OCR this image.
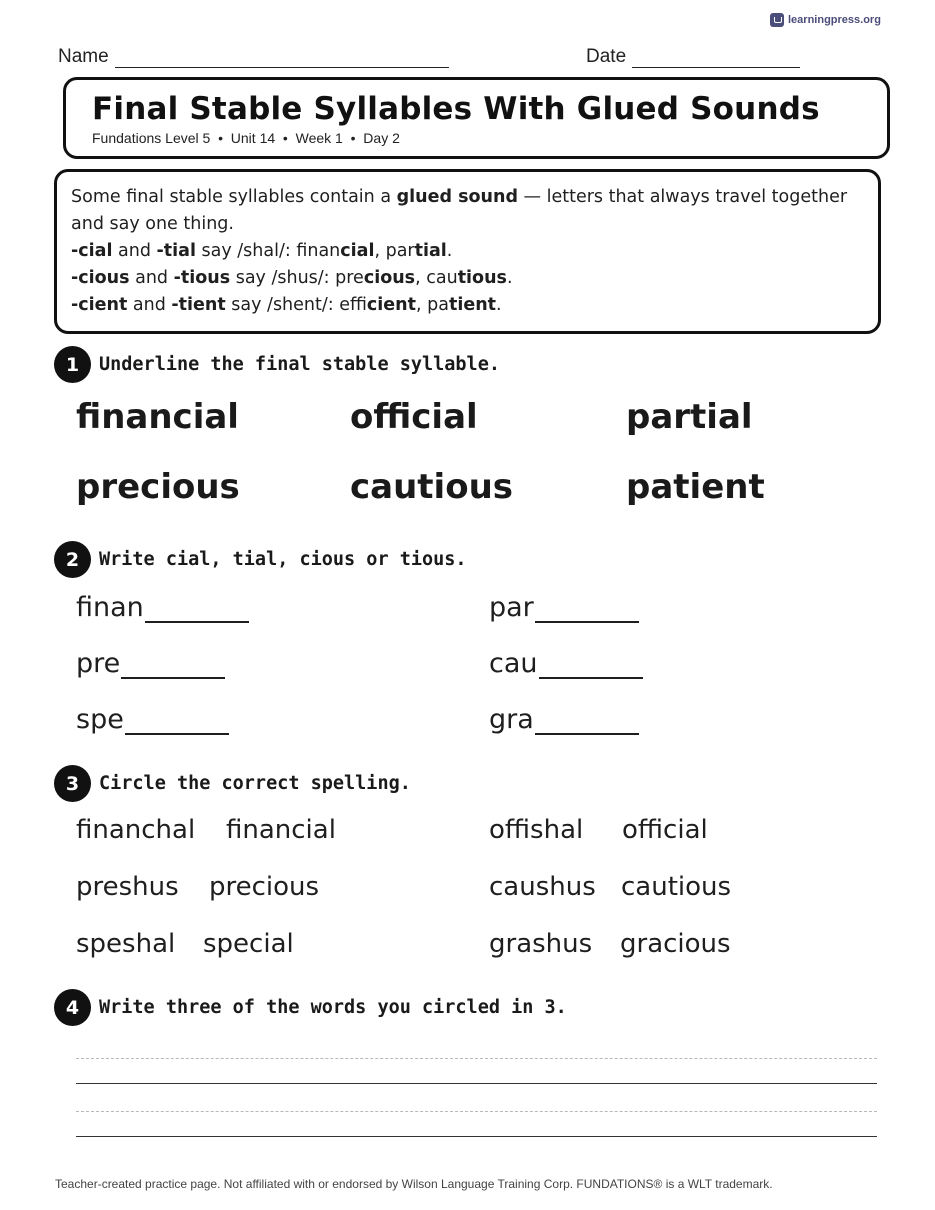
learningpress.org
Name	Date
Final Stable Syllables With Glued Sounds
Fundations Level 5 • Unit 14 • Week 1 • Day 2

Some final stable syllables contain a glued sound — letters that always travel together and say one thing.

-cial and -tial say /shal/: financial, partial.

-cious and -tious say /shus/: precious, cautious.

-cient and -tient say /shent/: efficient, patient.

1	Underline the final stable syllable.
financial	official	partial
precious	cautious	patient
2	Write cial, tial, cious or tious.
finan	par
pre	cau
spe	gra
3	Circle the correct spelling.
financhal financial	offishal official
preshus precious	caushus cautious
speshal special	grashus gracious
4	Write three of the words you circled in 3.
Teacher-created practice page. Not affiliated with or endorsed by Wilson Language Training Corp. FUNDATIONS® is a WLT trademark.
